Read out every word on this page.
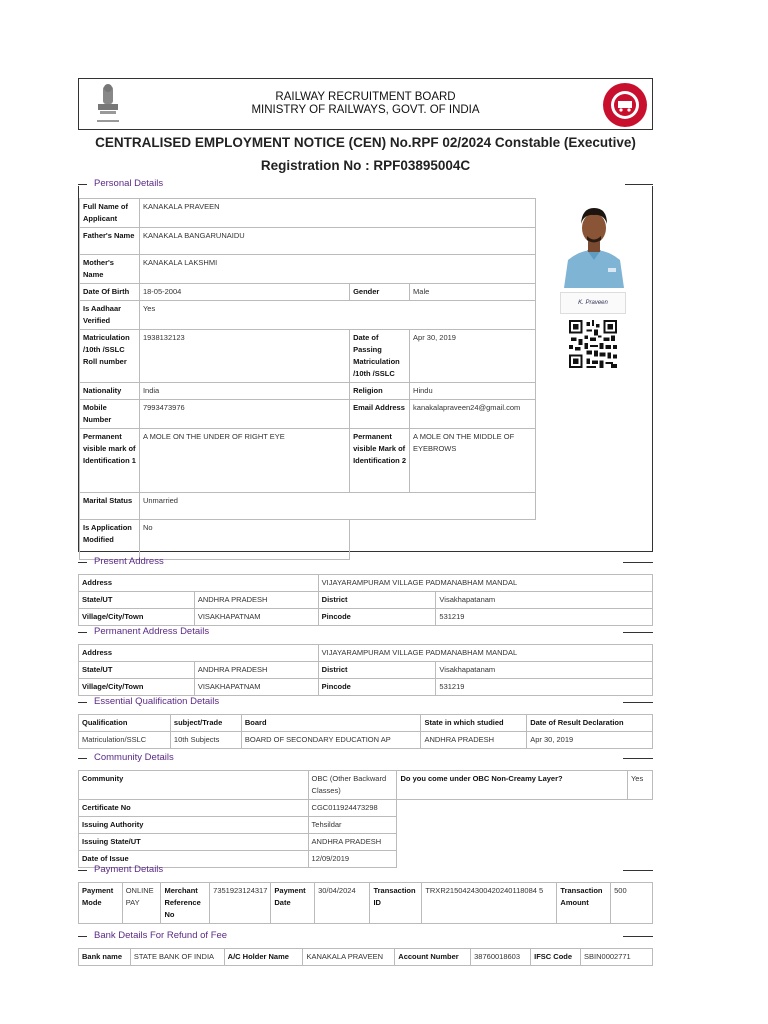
RAILWAY RECRUITMENT BOARD
MINISTRY OF RAILWAYS, GOVT. OF INDIA
CENTRALISED EMPLOYMENT NOTICE (CEN) No.RPF 02/2024 Constable (Executive)
Registration No : RPF03895004C
Personal Details
Full Name of Applicant	KANAKALA PRAVEEN		
Father's Name	KANAKALA BANGARUNAIDU		
Mother's Name	KANAKALA LAKSHMI		
Date Of Birth	18-05-2004	Gender	Male
Is Aadhaar Verified	Yes		
Matriculation /10th /SSLC Roll number	1938132123	Date of Passing Matriculation /10th /SSLC	Apr 30, 2019
Nationality	India	Religion	Hindu
Mobile Number	7993473976	Email Address	kanakalapraveen24@gmail.com
Permanent visible mark of Identification 1	A MOLE ON THE UNDER OF RIGHT EYE	Permanent visible Mark of Identification 2	A MOLE ON THE MIDDLE OF EYEBROWS
Marital Status	Unmarried		
Is Application Modified	No		
K. Praveen
Present Address
Address		VIJAYARAMPURAM VILLAGE PADMANABHAM MANDAL	
State/UT	ANDHRA PRADESH	District	Visakhapatanam
Village/City/Town	VISAKHAPATNAM	Pincode	531219
Permanent Address Details
Address		VIJAYARAMPURAM VILLAGE PADMANABHAM MANDAL	
State/UT	ANDHRA PRADESH	District	Visakhapatanam
Village/City/Town	VISAKHAPATNAM	Pincode	531219
Essential Qualification Details
Qualification	subject/Trade	Board	State in which studied	Date of Result Declaration
Matriculation/SSLC	10th Subjects	BOARD OF SECONDARY EDUCATION AP	ANDHRA PRADESH	Apr 30, 2019
Community Details
Community	OBC (Other Backward Classes)	Do you come under OBC Non-Creamy Layer?	Yes
Certificate No	CGC011924473298		
Issuing Authority	Tehsildar		
Issuing State/UT	ANDHRA PRADESH		
Date of Issue	12/09/2019		
Payment Details
Payment Mode	ONLINE PAY	Merchant Reference No	7351923124317	Payment Date	30/04/2024	Transaction ID	TRXR2150424300420240118084 5	Transaction Amount	500
Bank Details For Refund of Fee
Bank name	STATE BANK OF INDIA	A/C Holder Name	KANAKALA PRAVEEN	Account Number	38760018603	IFSC Code	SBIN0002771
